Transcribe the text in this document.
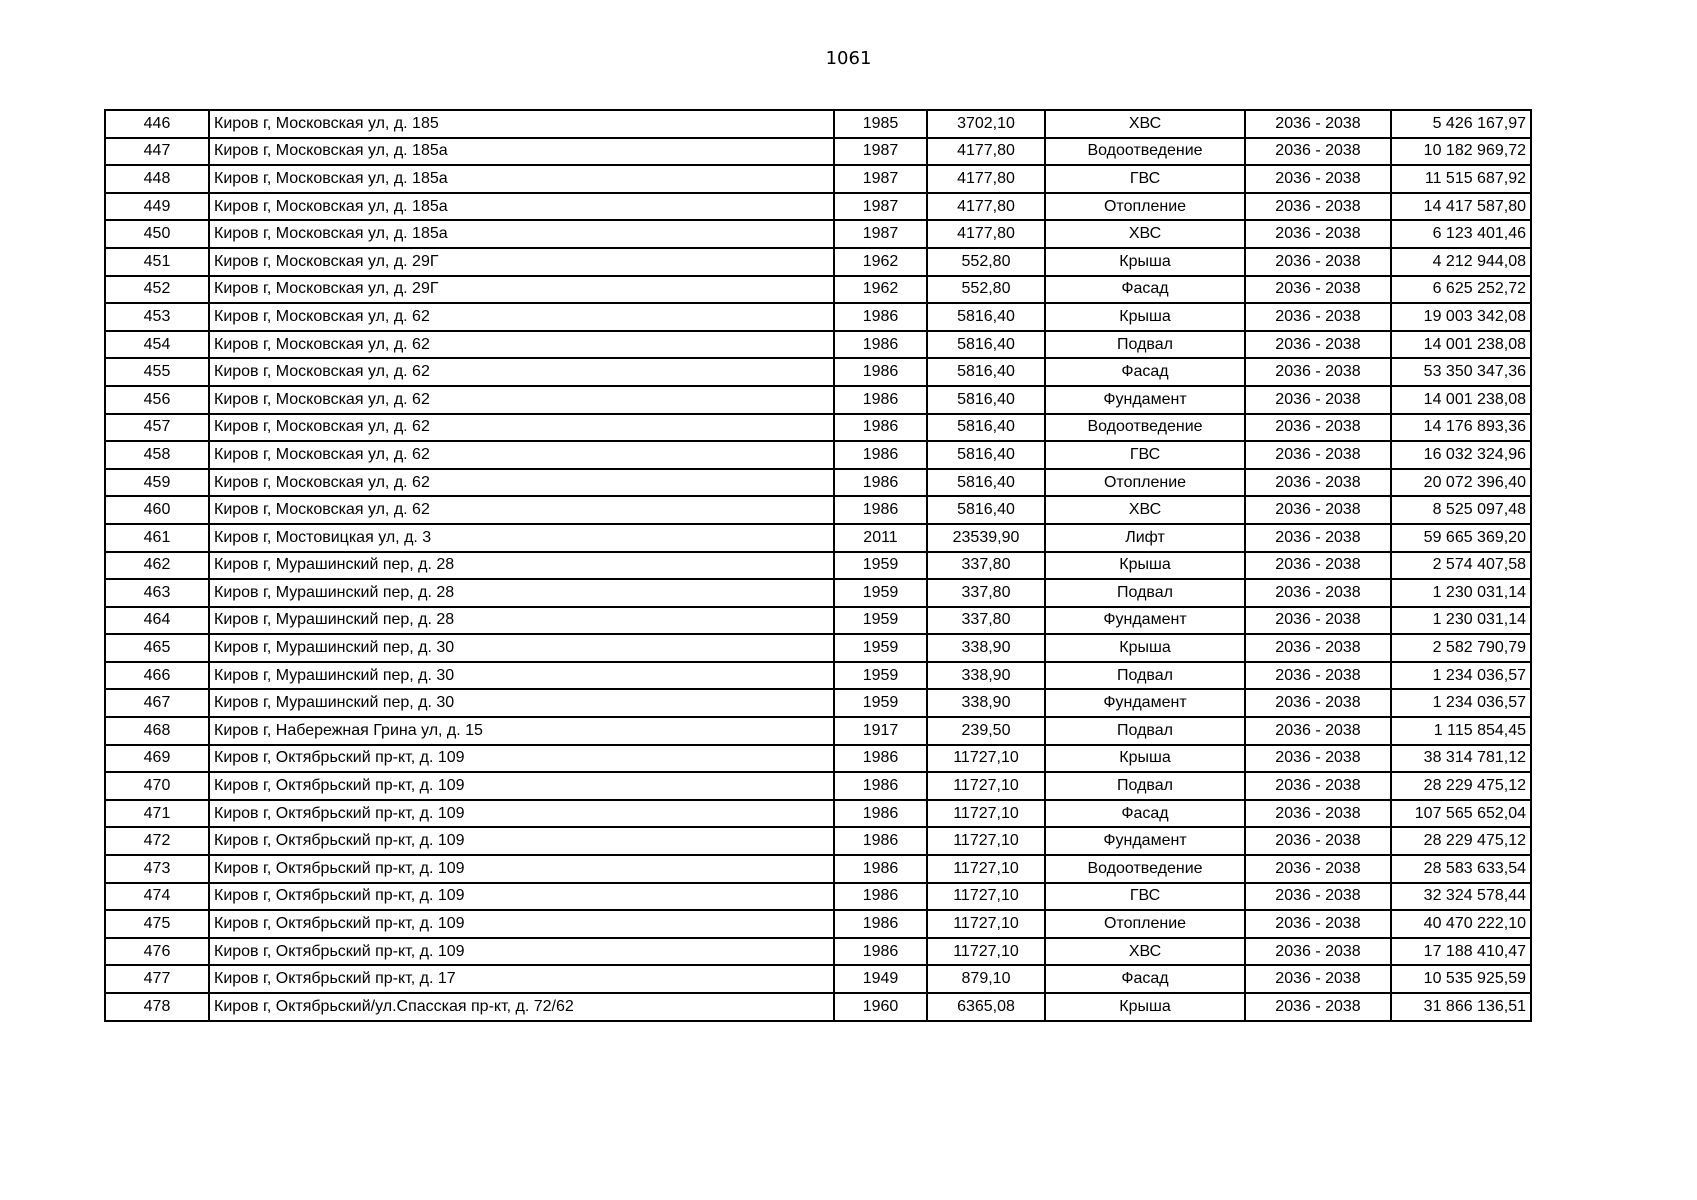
1061
446	Киров г, Московская ул, д. 185	1985	3702,10	ХВС	2036 - 2038	5 426 167,97
447	Киров г, Московская ул, д. 185а	1987	4177,80	Водоотведение	2036 - 2038	10 182 969,72
448	Киров г, Московская ул, д. 185а	1987	4177,80	ГВС	2036 - 2038	11 515 687,92
449	Киров г, Московская ул, д. 185а	1987	4177,80	Отопление	2036 - 2038	14 417 587,80
450	Киров г, Московская ул, д. 185а	1987	4177,80	ХВС	2036 - 2038	6 123 401,46
451	Киров г, Московская ул, д. 29Г	1962	552,80	Крыша	2036 - 2038	4 212 944,08
452	Киров г, Московская ул, д. 29Г	1962	552,80	Фасад	2036 - 2038	6 625 252,72
453	Киров г, Московская ул, д. 62	1986	5816,40	Крыша	2036 - 2038	19 003 342,08
454	Киров г, Московская ул, д. 62	1986	5816,40	Подвал	2036 - 2038	14 001 238,08
455	Киров г, Московская ул, д. 62	1986	5816,40	Фасад	2036 - 2038	53 350 347,36
456	Киров г, Московская ул, д. 62	1986	5816,40	Фундамент	2036 - 2038	14 001 238,08
457	Киров г, Московская ул, д. 62	1986	5816,40	Водоотведение	2036 - 2038	14 176 893,36
458	Киров г, Московская ул, д. 62	1986	5816,40	ГВС	2036 - 2038	16 032 324,96
459	Киров г, Московская ул, д. 62	1986	5816,40	Отопление	2036 - 2038	20 072 396,40
460	Киров г, Московская ул, д. 62	1986	5816,40	ХВС	2036 - 2038	8 525 097,48
461	Киров г, Мостовицкая ул, д. 3	2011	23539,90	Лифт	2036 - 2038	59 665 369,20
462	Киров г, Мурашинский пер, д. 28	1959	337,80	Крыша	2036 - 2038	2 574 407,58
463	Киров г, Мурашинский пер, д. 28	1959	337,80	Подвал	2036 - 2038	1 230 031,14
464	Киров г, Мурашинский пер, д. 28	1959	337,80	Фундамент	2036 - 2038	1 230 031,14
465	Киров г, Мурашинский пер, д. 30	1959	338,90	Крыша	2036 - 2038	2 582 790,79
466	Киров г, Мурашинский пер, д. 30	1959	338,90	Подвал	2036 - 2038	1 234 036,57
467	Киров г, Мурашинский пер, д. 30	1959	338,90	Фундамент	2036 - 2038	1 234 036,57
468	Киров г, Набережная Грина ул, д. 15	1917	239,50	Подвал	2036 - 2038	1 115 854,45
469	Киров г, Октябрьский пр-кт, д. 109	1986	11727,10	Крыша	2036 - 2038	38 314 781,12
470	Киров г, Октябрьский пр-кт, д. 109	1986	11727,10	Подвал	2036 - 2038	28 229 475,12
471	Киров г, Октябрьский пр-кт, д. 109	1986	11727,10	Фасад	2036 - 2038	107 565 652,04
472	Киров г, Октябрьский пр-кт, д. 109	1986	11727,10	Фундамент	2036 - 2038	28 229 475,12
473	Киров г, Октябрьский пр-кт, д. 109	1986	11727,10	Водоотведение	2036 - 2038	28 583 633,54
474	Киров г, Октябрьский пр-кт, д. 109	1986	11727,10	ГВС	2036 - 2038	32 324 578,44
475	Киров г, Октябрьский пр-кт, д. 109	1986	11727,10	Отопление	2036 - 2038	40 470 222,10
476	Киров г, Октябрьский пр-кт, д. 109	1986	11727,10	ХВС	2036 - 2038	17 188 410,47
477	Киров г, Октябрьский пр-кт, д. 17	1949	879,10	Фасад	2036 - 2038	10 535 925,59
478	Киров г, Октябрьский/ул.Спасская пр-кт, д. 72/62	1960	6365,08	Крыша	2036 - 2038	31 866 136,51
